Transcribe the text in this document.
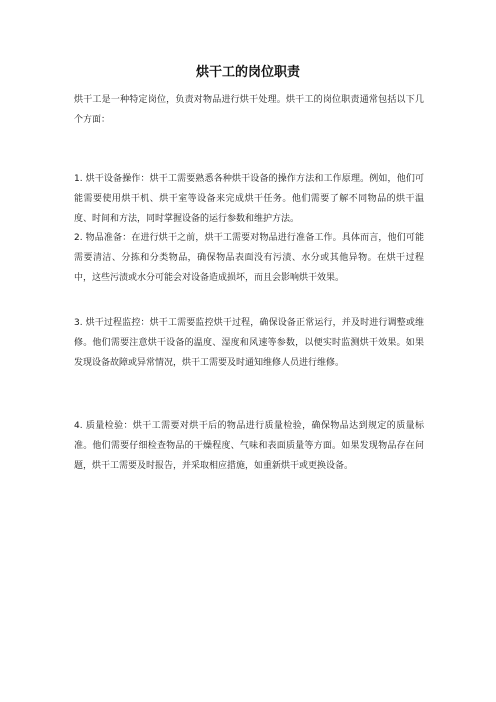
烘干工的岗位职责

烘干工是一种特定岗位，负责对物品进行烘干处理。烘干工的岗位职责通常包括以下几个方面：

1. 烘干设备操作：烘干工需要熟悉各种烘干设备的操作方法和工作原理。例如，他们可能需要使用烘干机、烘干室等设备来完成烘干任务。他们需要了解不同物品的烘干温度、时间和方法，同时掌握设备的运行参数和维护方法。

2. 物品准备：在进行烘干之前，烘干工需要对物品进行准备工作。具体而言，他们可能需要清洁、分拣和分类物品，确保物品表面没有污渍、水分或其他异物。在烘干过程中，这些污渍或水分可能会对设备造成损坏，而且会影响烘干效果。

3. 烘干过程监控：烘干工需要监控烘干过程，确保设备正常运行，并及时进行调整或维修。他们需要注意烘干设备的温度、湿度和风速等参数，以便实时监测烘干效果。如果发现设备故障或异常情况，烘干工需要及时通知维修人员进行维修。

4. 质量检验：烘干工需要对烘干后的物品进行质量检验，确保物品达到规定的质量标准。他们需要仔细检查物品的干燥程度、气味和表面质量等方面。如果发现物品存在问题，烘干工需要及时报告，并采取相应措施，如重新烘干或更换设备。
